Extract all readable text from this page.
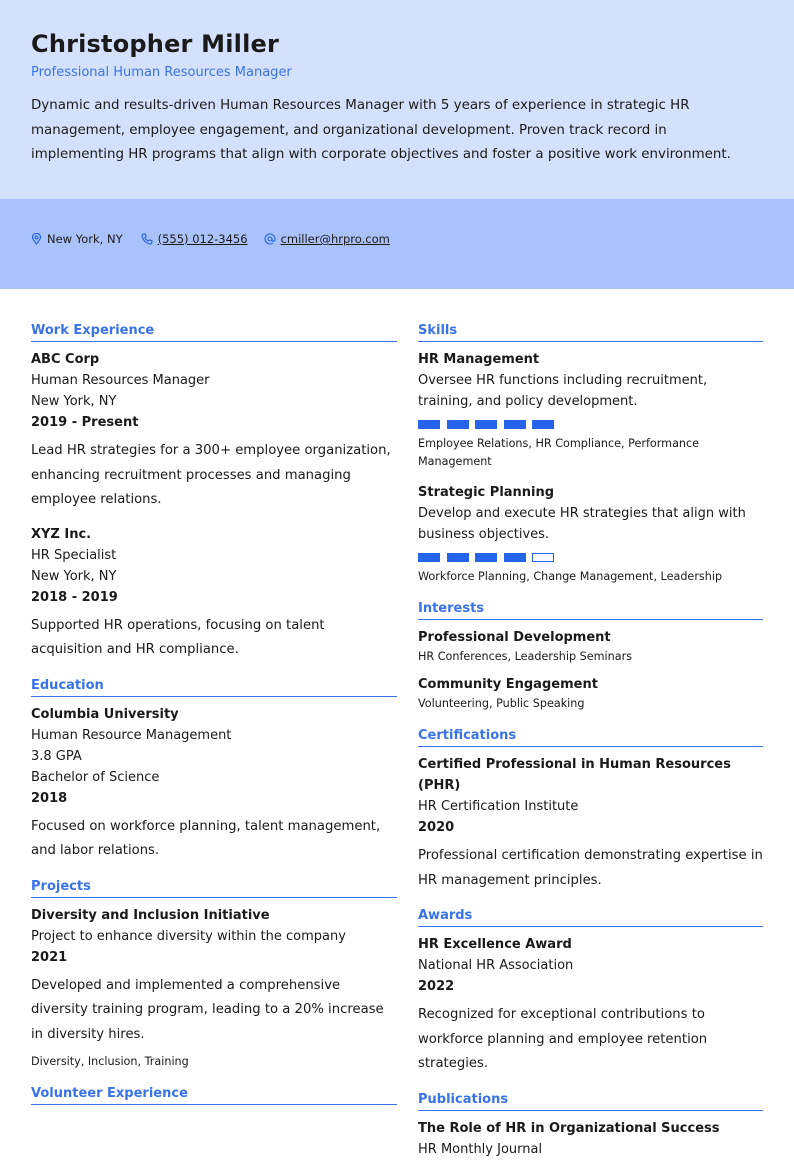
Christopher Miller
Professional Human Resources Manager
Dynamic and results-driven Human Resources Manager with 5 years of experience in strategic HR management, employee engagement, and organizational development. Proven track record in implementing HR programs that align with corporate objectives and foster a positive work environment.
New York, NY	(555) 012-3456	cmiller@hrpro.com
Work Experience
ABC Corp
Human Resources Manager
New York, NY
2019 - Present
Lead HR strategies for a 300+ employee organization, enhancing recruitment processes and managing employee relations.
XYZ Inc.
HR Specialist
New York, NY
2018 - 2019
Supported HR operations, focusing on talent acquisition and HR compliance.
Education
Columbia University
Human Resource Management
3.8 GPA
Bachelor of Science
2018
Focused on workforce planning, talent management, and labor relations.
Projects
Diversity and Inclusion Initiative
Project to enhance diversity within the company
2021
Developed and implemented a comprehensive diversity training program, leading to a 20% increase in diversity hires.
Diversity, Inclusion, Training
Volunteer Experience
Skills
HR Management
Oversee HR functions including recruitment, training, and policy development.
Employee Relations, HR Compliance, Performance Management
Strategic Planning
Develop and execute HR strategies that align with business objectives.
Workforce Planning, Change Management, Leadership
Interests
Professional Development
HR Conferences, Leadership Seminars
Community Engagement
Volunteering, Public Speaking
Certifications
Certified Professional in Human Resources (PHR)
HR Certification Institute
2020
Professional certification demonstrating expertise in HR management principles.
Awards
HR Excellence Award
National HR Association
2022
Recognized for exceptional contributions to workforce planning and employee retention strategies.
Publications
The Role of HR in Organizational Success
HR Monthly Journal
